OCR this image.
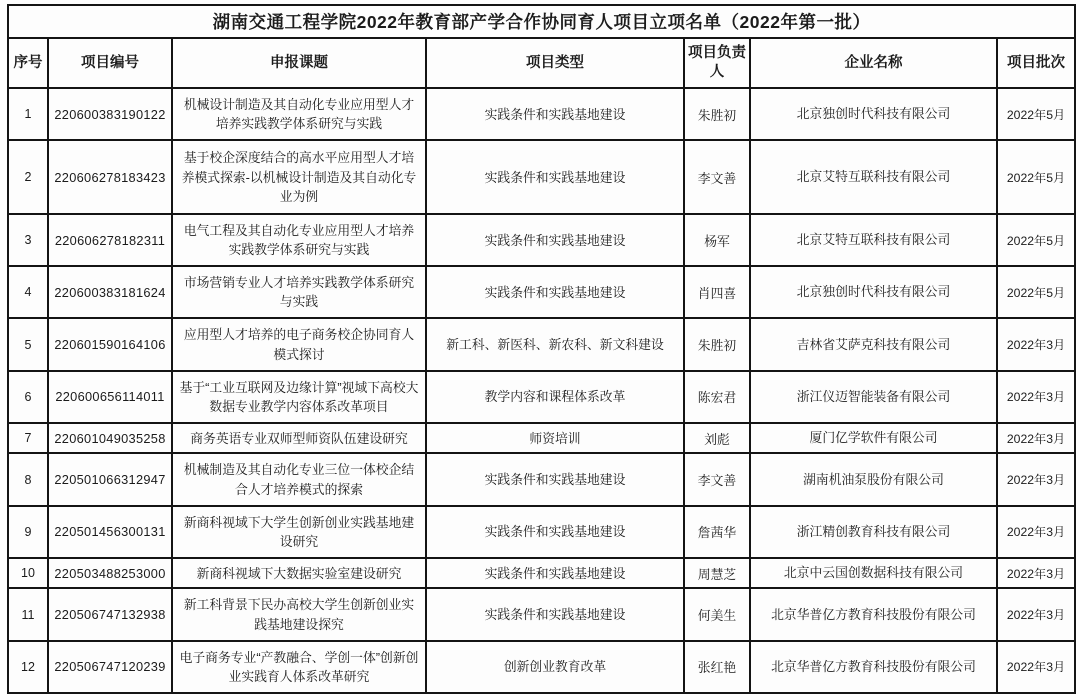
湖南交通工程学院2022年教育部产学合作协同育人项目立项名单（2022年第一批）						
序号	项目编号	申报课题	项目类型	项目负责人	企业名称	项目批次
1	220600383190122	机械设计制造及其自动化专业应用型人才培养实践教学体系研究与实践	实践条件和实践基地建设	朱胜初	北京独创时代科技有限公司	2022年5月
2	220606278183423	基于校企深度结合的高水平应用型人才培养模式探索-以机械设计制造及其自动化专业为例	实践条件和实践基地建设	李文善	北京艾特互联科技有限公司	2022年5月
3	220606278182311	电气工程及其自动化专业应用型人才培养实践教学体系研究与实践	实践条件和实践基地建设	杨军	北京艾特互联科技有限公司	2022年5月
4	220600383181624	市场营销专业人才培养实践教学体系研究与实践	实践条件和实践基地建设	肖四喜	北京独创时代科技有限公司	2022年5月
5	220601590164106	应用型人才培养的电子商务校企协同育人模式探讨	新工科、新医科、新农科、新文科建设	朱胜初	吉林省艾萨克科技有限公司	2022年3月
6	220600656114011	基于“工业互联网及边缘计算”视域下高校大数据专业教学内容体系改革项目	教学内容和课程体系改革	陈宏君	浙江仪迈智能装备有限公司	2022年3月
7	220601049035258	商务英语专业双师型师资队伍建设研究	师资培训	刘彪	厦门亿学软件有限公司	2022年3月
8	220501066312947	机械制造及其自动化专业三位一体校企结合人才培养模式的探索	实践条件和实践基地建设	李文善	湖南机油泵股份有限公司	2022年3月
9	220501456300131	新商科视域下大学生创新创业实践基地建设研究	实践条件和实践基地建设	詹茜华	浙江精创教育科技有限公司	2022年3月
10	220503488253000	新商科视域下大数据实验室建设研究	实践条件和实践基地建设	周慧芝	北京中云国创数据科技有限公司	2022年3月
11	220506747132938	新工科背景下民办高校大学生创新创业实践基地建设探究	实践条件和实践基地建设	何美生	北京华普亿方教育科技股份有限公司	2022年3月
12	220506747120239	电子商务专业“产教融合、学创一体”创新创业实践育人体系改革研究	创新创业教育改革	张红艳	北京华普亿方教育科技股份有限公司	2022年3月
